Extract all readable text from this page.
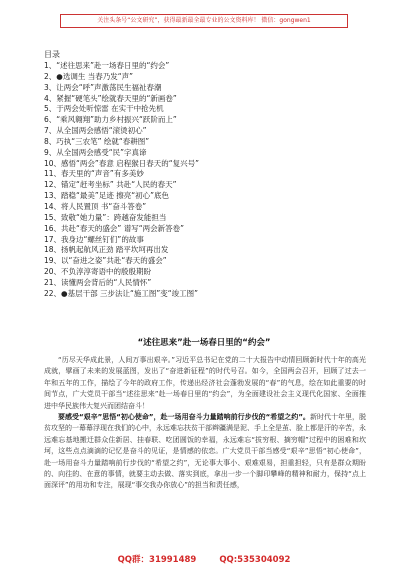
关注头条号“公文研究”，获得最新最全最专业的公文资料库！ 微信：gongwen1
目录
1、“述往思来”赴一场春日里的“约会”
2、●选调生 当春乃发“声”
3、让两会“呼”声激荡民生福祉春潮
4、紧握“硬笔头”绘就春天里的“新画卷”
5、于两会处听惊雷 在实干中抢先机
6、“乘风翱翔”助力乡村振兴“跃阶而上”
7、从全国两会感悟“滚烫初心”
8、巧执“三农笔” 绘就“春耕图”
9、从全国两会感受“民”字真谛
10、感悟“两会”春意 启程猴日春天的“复兴号”
11、春天里的“声音”有多美妙
12、锚定“赶考坐标” 共赴“人民的春天”
13、踏稳“最美”足迹 擦亮“初心”底色
14、将人民置顶 书“奋斗答卷”
15、致敬“她力量”：跨越奋发能担当
16、共赴“春天的盛会” 谱写“两会新答卷”
17、我身边“螺丝钉们”的故事
18、扬帆起航风正劲 踏平坎坷再出发
19、以“奋进之姿”共赴“春天的盛会”
20、不负淳淳寄语中的殷殷期盼
21、读懂两会背后的“人民情怀”
22、●基层干部 三步法让“施工图”变“竣工图”
“述往思来”赴一场春日里的“约会”

“历尽天华成此景，人间万事出艰辛。”习近平总书记在党的二十大报告中动情回顾新时代十年的高光成就，擘画了未来的发展蓝图，发出了“奋进新征程”的时代号召。如今，全国两会召开，回顾了过去一年和五年的工作，描绘了今年的政府工作，传递出经济社会蓬勃发展的“春”的气息，绘在如此重要的时间节点，广大党员干部当“述往思来”赴一场春日里的“约会”，为全面建设社会主义现代化国家、全面推进中华民族伟大复兴而团结奋斗！

要感受“艰辛”思悟“初心使命”，赴一场用奋斗力量踏响前行步伐的“希望之约”。新时代十年里，脱贫攻坚的一幕幕浮现在我们的心中，永远难忘扶贫干部辫疆满是泥、手上全是茧、脸上都是汗的辛苦，永远难忘基地搬迁群众住新居、挂春联、吃团圆饭的幸福，永远难忘“拔穷根、摘穷帽”过程中的困难和坎坷，这些点点滴滴的记忆是奋斗的见证，是情感的依恋。广大党员干部当感受“艰辛”思悟“初心使命”，赴一场用奋斗力量踏响前行步伐的“希望之约”，无论事大事小、艰难艰易，担重担轻，只有是群众期盼的、向往的、在意的事情，就要主动去做、落实到底，拿出一步一个脚印攀峰的精神和耐力，保持“点上面深评”的用功和专注，展现“事交我办你放心”的担当和责任感，

QQ群：31991489	QQ:535304092
